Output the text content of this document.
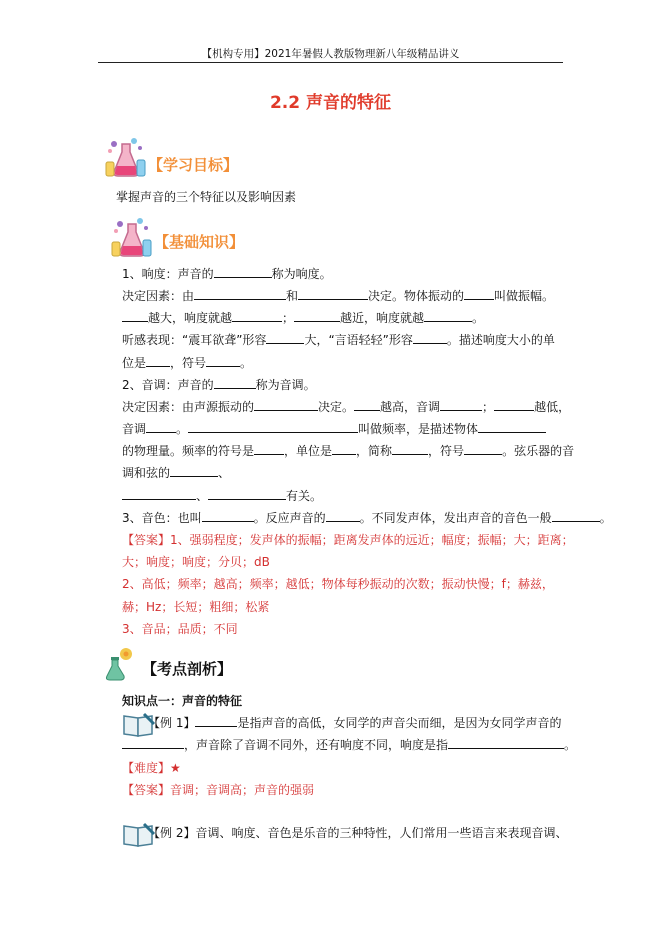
【机构专用】2021年暑假人教版物理新八年级精品讲义
2.2 声音的特征
【学习目标】
掌握声音的三个特征以及影响因素
【基础知识】
1、响度：声音的	称为响度。
决定因素：由	和	决定。物体振动的	叫做振幅。
越大，响度就越	；	越近，响度就越	。
听感表现：“震耳欲聋”形容	大，“言语轻轻”形容	。描述响度大小的单
位是 ，符号	。
2、音调：声音的	称为音调。
决定因素：由声源振动的	决定。 越高，音调	；	越低，
音调	。	叫做频率，是描述物体
的物理量。频率的符号是	，单位是 ，简称	，符号	。弦乐器的音
调和弦的	、
、	有关。
3、音色：也叫	。反应声音的	。不同发声体，发出声音的音色一般	。
【答案】1、强弱程度；发声体的振幅；距离发声体的远近；幅度；振幅；大；距离；
大；响度；响度；分贝；dB
2、高低；频率；越高；频率；越低；物体每秒振动的次数；振动快慢；f；赫兹，
赫；Hz；长短；粗细；松紧
3、音品；品质；不同
【考点剖析】
知识点一：声音的特征
【例 1】	是指声音的高低，女同学的声音尖而细，是因为女同学声音的
，声音除了音调不同外，还有响度不同，响度是指	。
【难度】★
【答案】音调；音调高；声音的强弱
【例 2】音调、响度、音色是乐音的三种特性，人们常用一些语言来表现音调、
